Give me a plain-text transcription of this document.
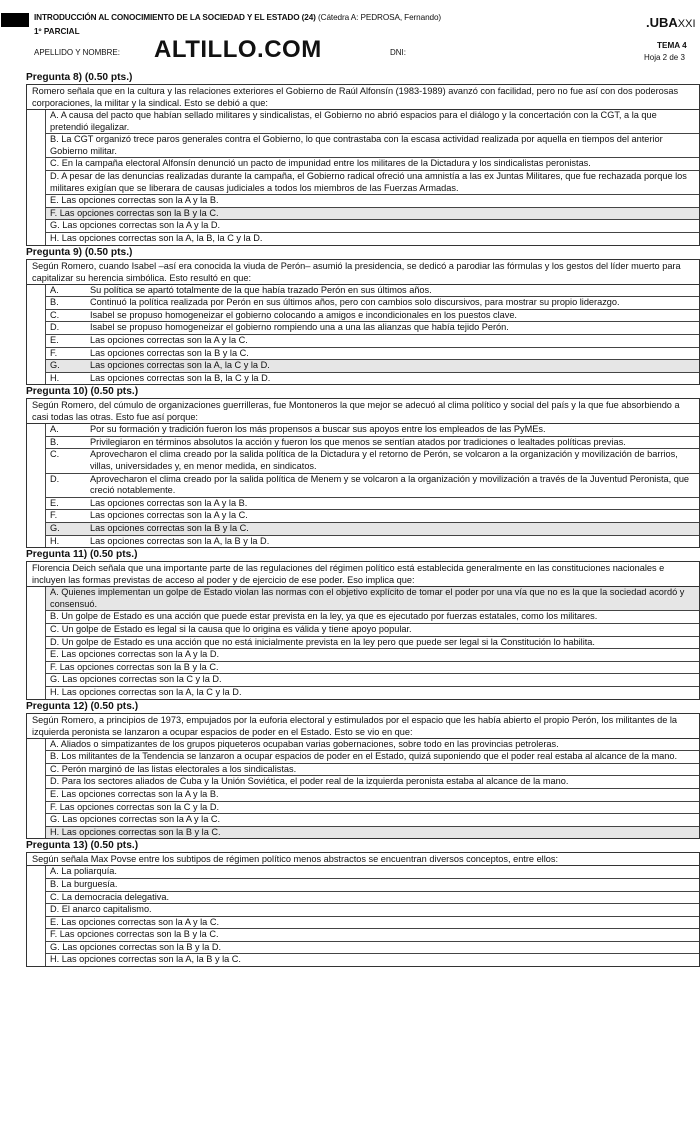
INTRODUCCIÓN AL CONOCIMIENTO DE LA SOCIEDAD Y EL ESTADO (24) (Cátedra A: PEDROSA, Fernando)
1º PARCIAL
APELLIDO Y NOMBRE: ALTILLO.COM	DNI:
.UBAXXI
TEMA 4
Hoja 2 de 3
Pregunta 8) (0.50 pts.)
Romero señala que en la cultura y las relaciones exteriores el Gobierno de Raúl Alfonsín (1983-1989) avanzó con facilidad, pero no fue así con dos poderosas corporaciones, la militar y la sindical. Esto se debió a que:
A. A causa del pacto que habían sellado militares y sindicalistas, el Gobierno no abrió espacios para el diálogo y la concertación con la CGT, a la que pretendió ilegalizar.
B. La CGT organizó trece paros generales contra el Gobierno, lo que contrastaba con la escasa actividad realizada por aquella en tiempos del anterior Gobierno militar.
C. En la campaña electoral Alfonsín denunció un pacto de impunidad entre los militares de la Dictadura y los sindicalistas peronistas.
D. A pesar de las denuncias realizadas durante la campaña, el Gobierno radical ofreció una amnistía a las ex Juntas Militares, que fue rechazada porque los militares exigían que se liberara de causas judiciales a todos los miembros de las Fuerzas Armadas.
E. Las opciones correctas son la A y la B.
F. Las opciones correctas son la B y la C.
G. Las opciones correctas son la A y la D.
H. Las opciones correctas son la A, la B, la C y la D.
Pregunta 9) (0.50 pts.)
Según Romero, cuando Isabel –así era conocida la viuda de Perón– asumió la presidencia, se dedicó a parodiar las fórmulas y los gestos del líder muerto para capitalizar su herencia simbólica. Esto resultó en que:
A.	Su política se apartó totalmente de la que había trazado Perón en sus últimos años.
B.	Continuó la política realizada por Perón en sus últimos años, pero con cambios solo discursivos, para mostrar su propio liderazgo.
C.	Isabel se propuso homogeneizar el gobierno colocando a amigos e incondicionales en los puestos clave.
D.	Isabel se propuso homogeneizar el gobierno rompiendo una a una las alianzas que había tejido Perón.
E.	Las opciones correctas son la A y la C.
F.	Las opciones correctas son la B y la C.
G.	Las opciones correctas son la A, la C y la D.
H.	Las opciones correctas son la B, la C y la D.
Pregunta 10) (0.50 pts.)
Según Romero, del cúmulo de organizaciones guerrilleras, fue Montoneros la que mejor se adecuó al clima político y social del país y la que fue absorbiendo a casi todas las otras. Esto fue así porque:
A.	Por su formación y tradición fueron los más propensos a buscar sus apoyos entre los empleados de las PyMEs.
B.	Privilegiaron en términos absolutos la acción y fueron los que menos se sentían atados por tradiciones o lealtades políticas previas.
C.	Aprovecharon el clima creado por la salida política de la Dictadura y el retorno de Perón, se volcaron a la organización y movilización de barrios, villas, universidades y, en menor medida, en sindicatos.
D.	Aprovecharon el clima creado por la salida política de Menem y se volcaron a la organización y movilización a través de la Juventud Peronista, que creció notablemente.
E.	Las opciones correctas son la A y la B.
F.	Las opciones correctas son la A y la C.
G.	Las opciones correctas son la B y la C.
H.	Las opciones correctas son la A, la B y la D.
Pregunta 11) (0.50 pts.)
Florencia Deich señala que una importante parte de las regulaciones del régimen político está establecida generalmente en las constituciones nacionales e incluyen las formas previstas de acceso al poder y de ejercicio de ese poder. Eso implica que:
A. Quienes implementan un golpe de Estado violan las normas con el objetivo explícito de tomar el poder por una vía que no es la que la sociedad acordó y consensuó.
B. Un golpe de Estado es una acción que puede estar prevista en la ley, ya que es ejecutado por fuerzas estatales, como los militares.
C. Un golpe de Estado es legal si la causa que lo origina es válida y tiene apoyo popular.
D. Un golpe de Estado es una acción que no está inicialmente prevista en la ley pero que puede ser legal si la Constitución lo habilita.
E. Las opciones correctas son la A y la D.
F. Las opciones correctas son la B y la C.
G. Las opciones correctas son la C y la D.
H. Las opciones correctas son la A, la C y la D.
Pregunta 12) (0.50 pts.)
Según Romero, a principios de 1973, empujados por la euforia electoral y estimulados por el espacio que les había abierto el propio Perón, los militantes de la izquierda peronista se lanzaron a ocupar espacios de poder en el Estado. Esto se vio en que:
A. Aliados o simpatizantes de los grupos piqueteros ocupaban varias gobernaciones, sobre todo en las provincias petroleras.
B. Los militantes de la Tendencia se lanzaron a ocupar espacios de poder en el Estado, quizá suponiendo que el poder real estaba al alcance de la mano.
C. Perón marginó de las listas electorales a los sindicalistas.
D. Para los sectores aliados de Cuba y la Unión Soviética, el poder real de la izquierda peronista estaba al alcance de la mano.
E. Las opciones correctas son la A y la B.
F. Las opciones correctas son la C y la D.
G. Las opciones correctas son la A y la C.
H. Las opciones correctas son la B y la C.
Pregunta 13) (0.50 pts.)
Según señala Max Povse entre los subtipos de régimen político menos abstractos se encuentran diversos conceptos, entre ellos:
A. La poliarquía.
B. La burguesía.
C. La democracia delegativa.
D. El anarco capitalismo.
E. Las opciones correctas son la A y la C.
F. Las opciones correctas son la B y la C.
G. Las opciones correctas son la B y la D.
H. Las opciones correctas son la A, la B y la C.
